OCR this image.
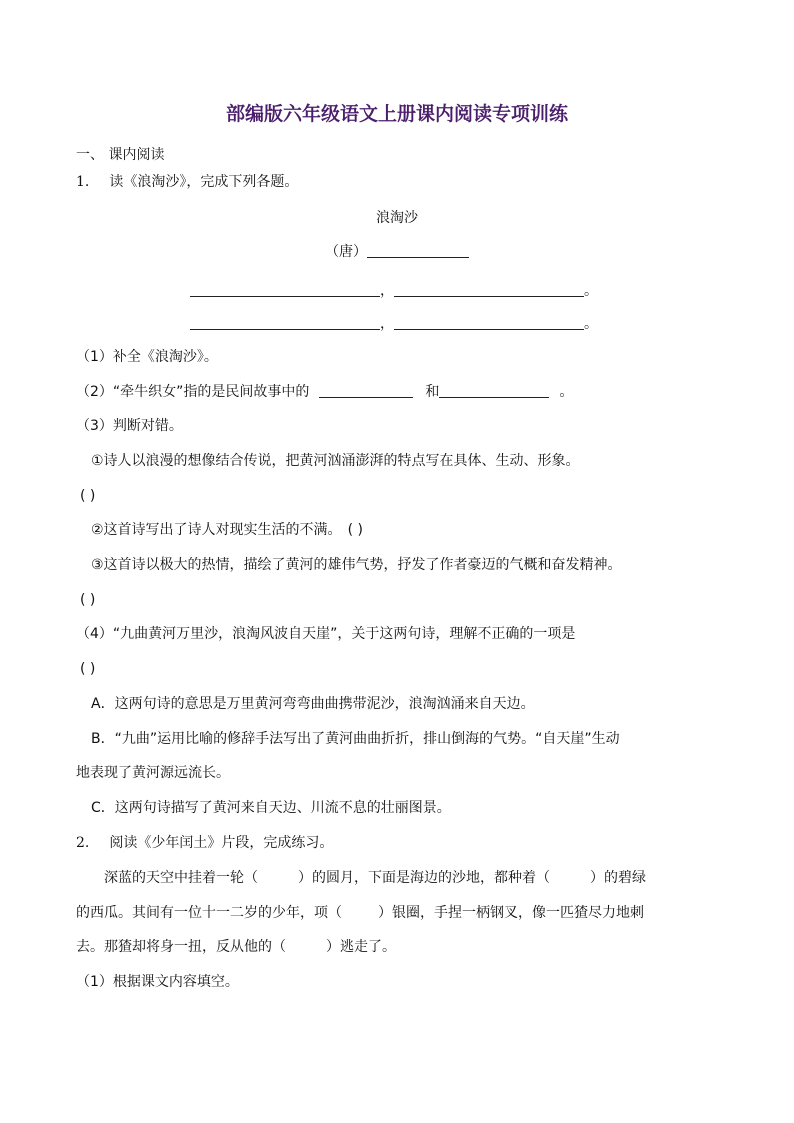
部编版六年级语文上册课内阅读专项训练
一、 课内阅读
1. 读《浪淘沙》，完成下列各题。
浪淘沙
（唐）
，	。
，	。
（1）补全《浪淘沙》。
（2）“牵牛织女”指的是民间故事中的	和	。
（3）判断对错。
①诗人以浪漫的想像结合传说，把黄河汹涌澎湃的特点写在具体、生动、形象。
( )
②这首诗写出了诗人对现实生活的不满。 ( )
③这首诗以极大的热情，描绘了黄河的雄伟气势，抒发了作者豪迈的气概和奋发精神。
( )
（4）“九曲黄河万里沙，浪淘风波自天崖”，关于这两句诗，理解不正确的一项是
( )
A．这两句诗的意思是万里黄河弯弯曲曲携带泥沙，浪淘汹涌来自天边。
B．“九曲”运用比喻的修辞手法写出了黄河曲曲折折，排山倒海的气势。“自天崖”生动
地表现了黄河源远流长。
C．这两句诗描写了黄河来自天边、川流不息的壮丽图景。
2. 阅读《少年闰土》片段，完成练习。
深蓝的天空中挂着一轮（	）的圆月，下面是海边的沙地，都种着（	）的碧绿
的西瓜。其间有一位十一二岁的少年，项（	）银圈，手捏一柄钢叉，像一匹猹尽力地刺
去。那猹却将身一扭，反从他的（	）逃走了。
（1）根据课文内容填空。
